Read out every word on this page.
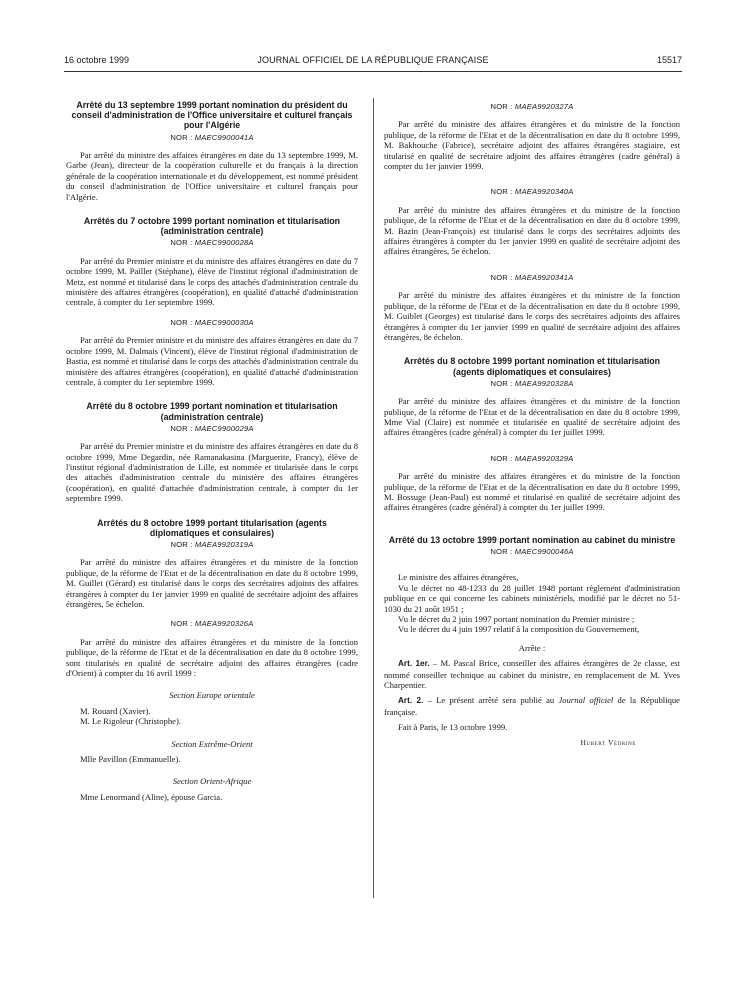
16 octobre 1999	JOURNAL OFFICIEL DE LA RÉPUBLIQUE FRANÇAISE	15517
Arrêté du 13 septembre 1999 portant nomination du président du conseil d'administration de l'Office universitaire et culturel français pour l'Algérie
NOR : MAEC9900041A

Par arrêté du ministre des affaires étrangères en date du 13 septembre 1999, M. Garbe (Jean), directeur de la coopération culturelle et du français à la direction générale de la coopération internationale et du développement, est nommé président du conseil d'administration de l'Office universitaire et culturel français pour l'Algérie.

Arrêtés du 7 octobre 1999 portant nomination et titularisation (administration centrale)
NOR : MAEC9900028A

Par arrêté du Premier ministre et du ministre des affaires étrangères en date du 7 octobre 1999, M. Pailler (Stéphane), élève de l'institut régional d'administration de Metz, est nommé et titularisé dans le corps des attachés d'administration centrale du ministère des affaires étrangères (coopération), en qualité d'attaché d'administration centrale, à compter du 1er septembre 1999.

NOR : MAEC9900030A

Par arrêté du Premier ministre et du ministre des affaires étrangères en date du 7 octobre 1999, M. Dalmais (Vincent), élève de l'institut régional d'administration de Bastia, est nommé et titularisé dans le corps des attachés d'administration centrale du ministère des affaires étrangères (coopération), en qualité d'attaché d'administration centrale, à compter du 1er septembre 1999.

Arrêté du 8 octobre 1999 portant nomination et titularisation (administration centrale)
NOR : MAEC9900029A

Par arrêté du Premier ministre et du ministre des affaires étrangères en date du 8 octobre 1999, Mme Degardin, née Ramanakasina (Marguerite, Francy), élève de l'institut régional d'administration de Lille, est nommée et titularisée dans le corps des attachés d'administration centrale du ministère des affaires étrangères (coopération), en qualité d'attachée d'administration centrale, à compter du 1er septembre 1999.

Arrêtés du 8 octobre 1999 portant titularisation (agents diplomatiques et consulaires)
NOR : MAEA9920319A

Par arrêté du ministre des affaires étrangères et du ministre de la fonction publique, de la réforme de l'Etat et de la décentralisation en date du 8 octobre 1999, M. Guillet (Gérard) est titularisé dans le corps des secrétaires adjoints des affaires étrangères à compter du 1er janvier 1999 en qualité de secrétaire adjoint des affaires étrangères, 5e échelon.

NOR : MAEA9920326A

Par arrêté du ministre des affaires étrangères et du ministre de la fonction publique, de la réforme de l'Etat et de la décentralisation en date du 8 octobre 1999, sont titularisés en qualité de secrétaire adjoint des affaires étrangères (cadre d'Orient) à compter du 16 avril 1999 :

Section Europe orientale

M. Rouard (Xavier).

M. Le Rigoleur (Christophe).

Section Extrême-Orient

Mlle Pavillon (Emmanuelle).

Section Orient-Afrique

Mme Lenormand (Aline), épouse Garcia.

NOR : MAEA9920327A

Par arrêté du ministre des affaires étrangères et du ministre de la fonction publique, de la réforme de l'Etat et de la décentralisation en date du 8 octobre 1999, M. Bakhouche (Fabrice), secrétaire adjoint des affaires étrangères stagiaire, est titularisé en qualité de secrétaire adjoint des affaires étrangères (cadre général) à compter du 1er janvier 1999.

NOR : MAEA9920340A

Par arrêté du ministre des affaires étrangères et du ministre de la fonction publique, de la réforme de l'Etat et de la décentralisation en date du 8 octobre 1999, M. Bazin (Jean-François) est titularisé dans le corps des secrétaires adjoints des affaires étrangères à compter du 1er janvier 1999 en qualité de secrétaire adjoint des affaires étrangères, 5e échelon.

NOR : MAEA9920341A

Par arrêté du ministre des affaires étrangères et du ministre de la fonction publique, de la réforme de l'Etat et de la décentralisation en date du 8 octobre 1999, M. Guiblet (Georges) est titularisé dans le corps des secrétaires adjoints des affaires étrangères à compter du 1er janvier 1999 en qualité de secrétaire adjoint des affaires étrangères, 8e échelon.

Arrêtés du 8 octobre 1999 portant nomination et titularisation (agents diplomatiques et consulaires)
NOR : MAEA9920328A

Par arrêté du ministre des affaires étrangères et du ministre de la fonction publique, de la réforme de l'Etat et de la décentralisation en date du 8 octobre 1999, Mme Vial (Claire) est nommée et titularisée en qualité de secrétaire adjoint des affaires étrangères (cadre général) à compter du 1er juillet 1999.

NOR : MAEA9920329A

Par arrêté du ministre des affaires étrangères et du ministre de la fonction publique, de la réforme de l'Etat et de la décentralisation en date du 8 octobre 1999, M. Bossuge (Jean-Paul) est nommé et titularisé en qualité de secrétaire adjoint des affaires étrangères (cadre général) à compter du 1er juillet 1999.

Arrêté du 13 octobre 1999 portant nomination au cabinet du ministre
NOR : MAEC9900046A

Le ministre des affaires étrangères,

Vu le décret no 48-1233 du 28 juillet 1948 portant règlement d'administration publique en ce qui concerne les cabinets ministériels, modifié par le décret no 51-1030 du 21 août 1951 ;

Vu le décret du 2 juin 1997 portant nomination du Premier ministre ;

Vu le décret du 4 juin 1997 relatif à la composition du Gouvernement,

Arrête :

Art. 1er. – M. Pascal Brice, conseiller des affaires étrangères de 2e classe, est nommé conseiller technique au cabinet du ministre, en remplacement de M. Yves Charpentier.

Art. 2. – Le présent arrêté sera publié au Journal officiel de la République française.

Fait à Paris, le 13 octobre 1999.

Hubert Védrine
